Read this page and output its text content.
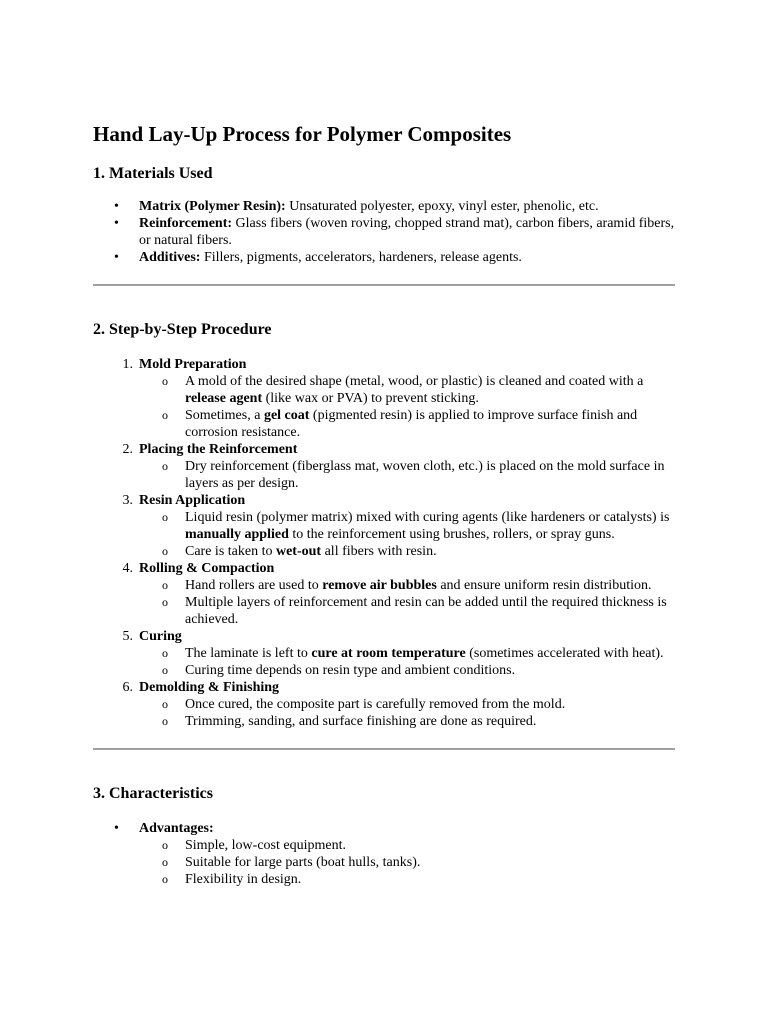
Hand Lay-Up Process for Polymer Composites
1. Materials Used
•	Matrix (Polymer Resin): Unsaturated polyester, epoxy, vinyl ester, phenolic, etc.
•	Reinforcement: Glass fibers (woven roving, chopped strand mat), carbon fibers, aramid fibers, or natural fibers.
•	Additives: Fillers, pigments, accelerators, hardeners, release agents.
2. Step-by-Step Procedure
1. Mold Preparation
o A mold of the desired shape (metal, wood, or plastic) is cleaned and coated with a release agent (like wax or PVA) to prevent sticking.
o Sometimes, a gel coat (pigmented resin) is applied to improve surface finish and corrosion resistance.
2. Placing the Reinforcement
o Dry reinforcement (fiberglass mat, woven cloth, etc.) is placed on the mold surface in layers as per design.
3. Resin Application
o Liquid resin (polymer matrix) mixed with curing agents (like hardeners or catalysts) is manually applied to the reinforcement using brushes, rollers, or spray guns.
o Care is taken to wet-out all fibers with resin.
4. Rolling & Compaction
o Hand rollers are used to remove air bubbles and ensure uniform resin distribution.
o Multiple layers of reinforcement and resin can be added until the required thickness is achieved.
5. Curing
o The laminate is left to cure at room temperature (sometimes accelerated with heat).
o Curing time depends on resin type and ambient conditions.
6. Demolding & Finishing
o Once cured, the composite part is carefully removed from the mold.
o Trimming, sanding, and surface finishing are done as required.
3. Characteristics
•	Advantages:
o Simple, low-cost equipment.
o Suitable for large parts (boat hulls, tanks).
o Flexibility in design.
